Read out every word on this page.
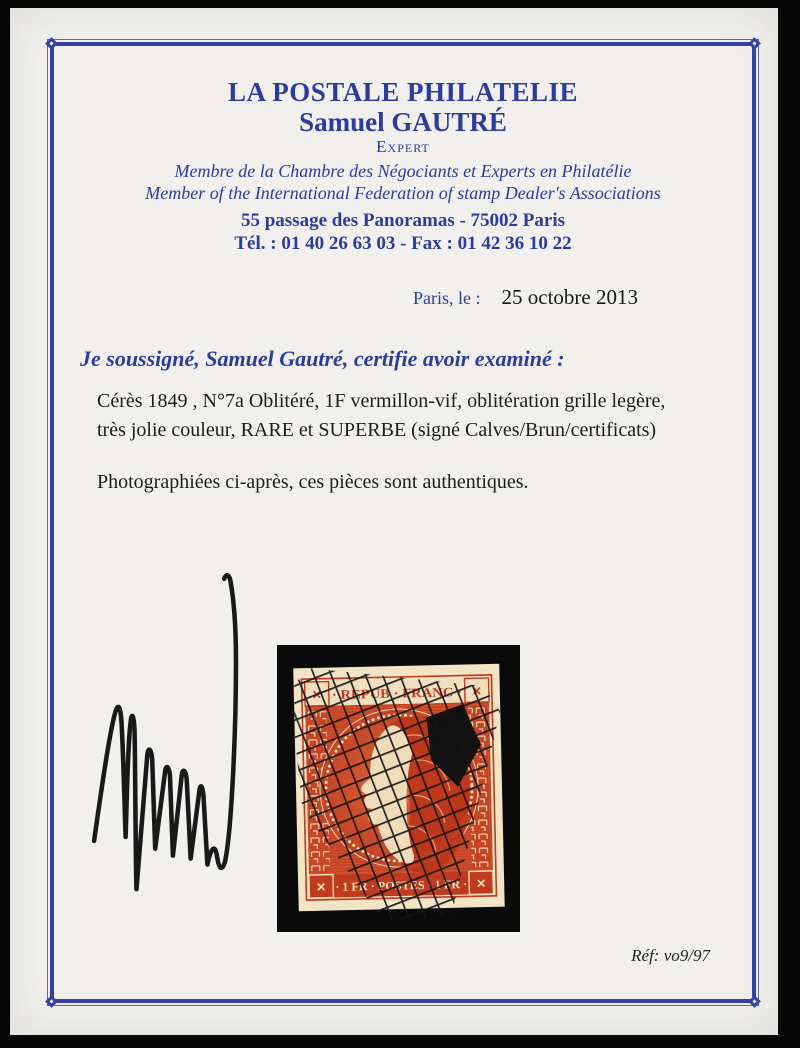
LA POSTALE PHILATELIE
Samuel GAUTRÉ
Expert
Membre de la Chambre des Négociants et Experts en Philatélie
Member of the International Federation of stamp Dealer's Associations
55 passage des Panoramas - 75002 Paris
Tél. : 01 40 26 63 03 - Fax : 01 42 36 10 22
Paris, le : 25 octobre 2013
Je soussigné, Samuel Gautré, certifie avoir examiné :

Cérès 1849 , N°7a Oblitéré, 1F vermillon-vif, oblitération grille legère, très jolie couleur, RARE et SUPERBE (signé Calves/Brun/certificats)

Photographiées ci-après, ces pièces sont authentiques.

✕	✕
Réf: vo9/97
